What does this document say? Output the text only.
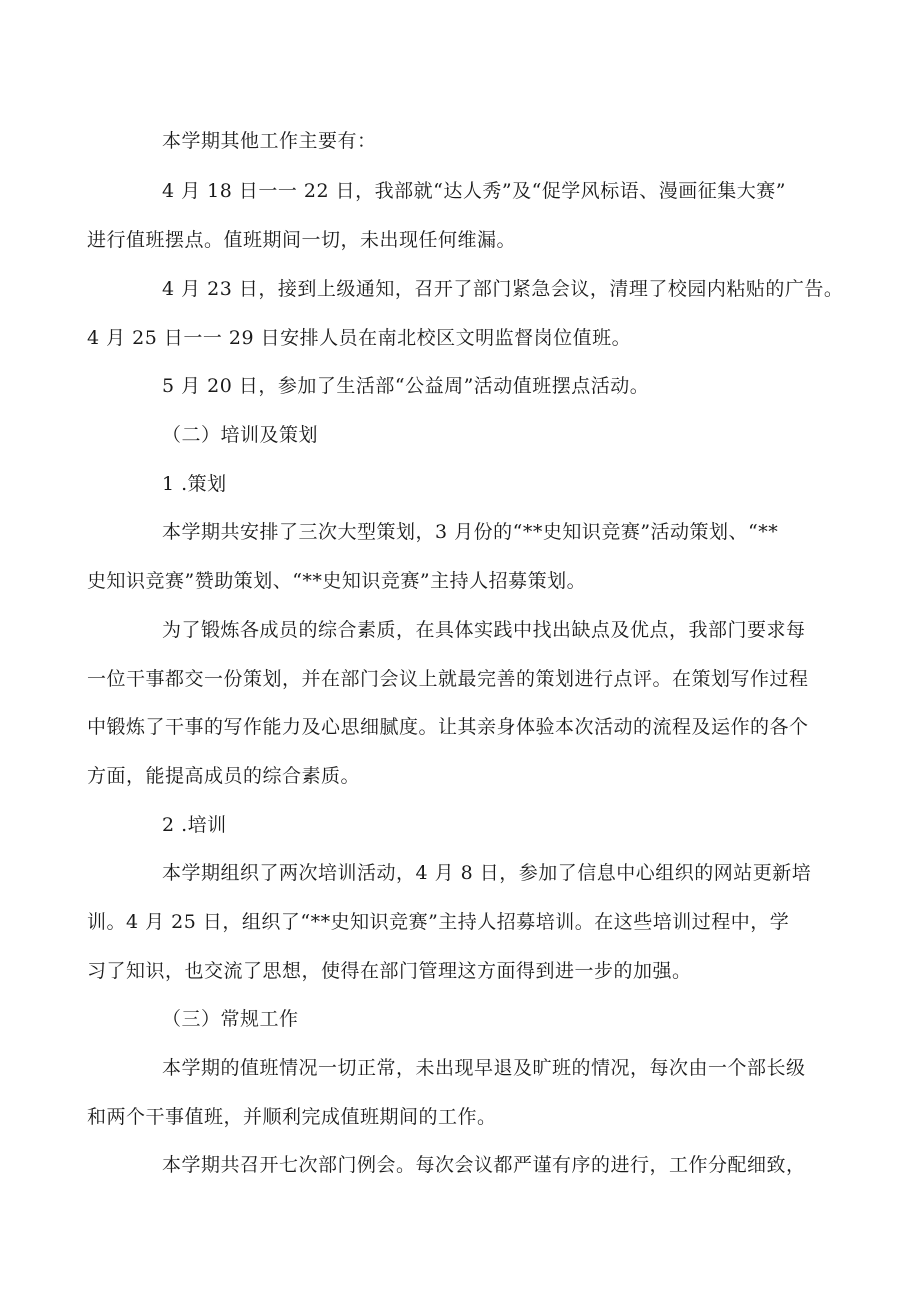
本学期其他工作主要有：
4 月 18 日一一 22 日，我部就“达人秀”及“促学风标语、漫画征集大赛”
进行值班摆点。值班期间一切，未出现任何维漏。
4 月 23 日，接到上级通知，召开了部门紧急会议，清理了校园内粘贴的广告。
4 月 25 日一一 29 日安排人员在南北校区文明监督岗位值班。
5 月 20 日，参加了生活部“公益周”活动值班摆点活动。
（二）培训及策划
1 .策划
本学期共安排了三次大型策划，3 月份的“**史知识竞赛”活动策划、“**
史知识竞赛”赞助策划、“**史知识竞赛”主持人招募策划。
为了锻炼各成员的综合素质，在具体实践中找出缺点及优点，我部门要求每
一位干事都交一份策划，并在部门会议上就最完善的策划进行点评。在策划写作过程
中锻炼了干事的写作能力及心思细腻度。让其亲身体验本次活动的流程及运作的各个
方面，能提高成员的综合素质。
2 .培训
本学期组织了两次培训活动，4 月 8 日，参加了信息中心组织的网站更新培
训。4 月 25 日，组织了“**史知识竞赛”主持人招募培训。在这些培训过程中，学
习了知识，也交流了思想，使得在部门管理这方面得到进一步的加强。
（三）常规工作
本学期的值班情况一切正常，未出现早退及旷班的情况，每次由一个部长级
和两个干事值班，并顺利完成值班期间的工作。
本学期共召开七次部门例会。每次会议都严谨有序的进行，工作分配细致，
